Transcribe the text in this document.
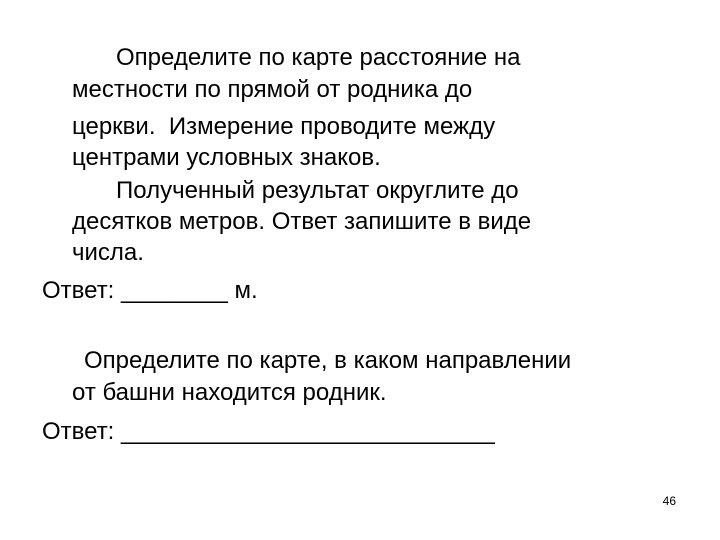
Определите по карте расстояние на

местности по прямой от родника до

церкви.  Измерение проводите между

центрами условных знаков.

Полученный результат округлите до

десятков метров. Ответ запишите в виде

числа.

Ответ: ________ м.

Определите по карте, в каком направлении

от башни находится родник.

Ответ: ____________________________

46
